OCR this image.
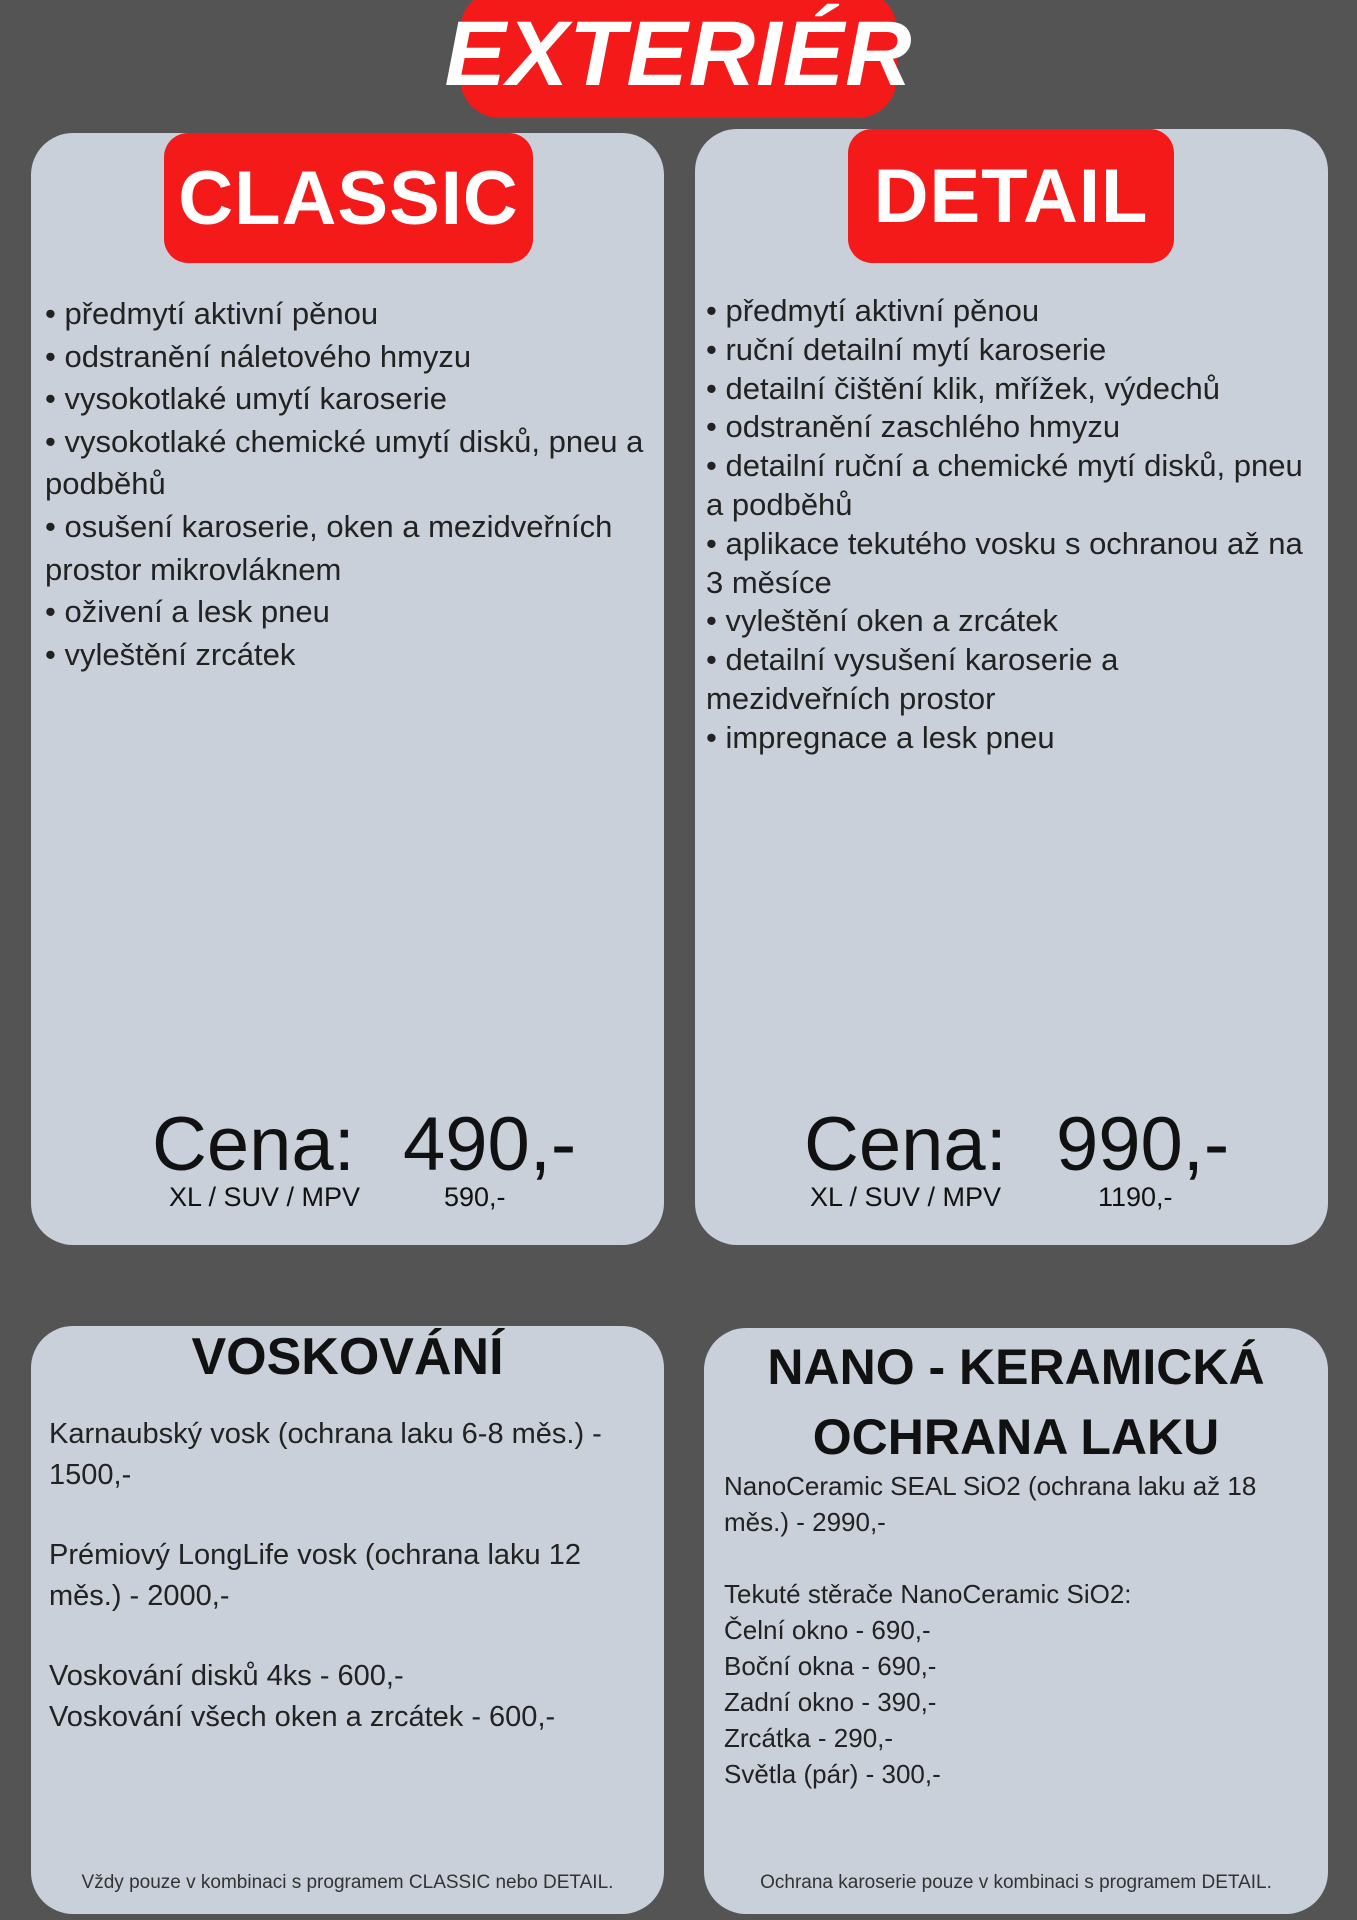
EXTERIÉR
CLASSIC
• předmytí aktivní pěnou
• odstranění náletového hmyzu
• vysokotlaké umytí karoserie
• vysokotlaké chemické umytí disků, pneu a podběhů
• osušení karoserie, oken a mezidveřních prostor mikrovláknem
• oživení a lesk pneu
• vyleštění zrcátek
Cena: 490,-
XL / SUV / MPV	590,-
DETAIL
• předmytí aktivní pěnou
• ruční detailní mytí karoserie
• detailní čištění klik, mřížek, výdechů
• odstranění zaschlého hmyzu
• detailní ruční a chemické mytí disků, pneu a podběhů
• aplikace tekutého vosku s ochranou až na 3 měsíce
• vyleštění oken a zrcátek
• detailní vysušení karoserie a mezidveřních prostor
• impregnace a lesk pneu
Cena: 990,-
XL / SUV / MPV	1190,-
VOSKOVÁNÍ
Karnaubský vosk (ochrana laku 6-8 měs.) - 1500,-
Prémiový LongLife vosk (ochrana laku 12 měs.) - 2000,-
Voskování disků 4ks - 600,-
Voskování všech oken a zrcátek - 600,-
Vždy pouze v kombinaci s programem CLASSIC nebo DETAIL.
NANO - KERAMICKÁ
OCHRANA LAKU
NanoCeramic SEAL SiO2 (ochrana laku až 18 měs.) - 2990,-
Tekuté stěrače NanoCeramic SiO2:
Čelní okno - 690,-
Boční okna - 690,-
Zadní okno - 390,-
Zrcátka - 290,-
Světla (pár) - 300,-
Ochrana karoserie pouze v kombinaci s programem DETAIL.
